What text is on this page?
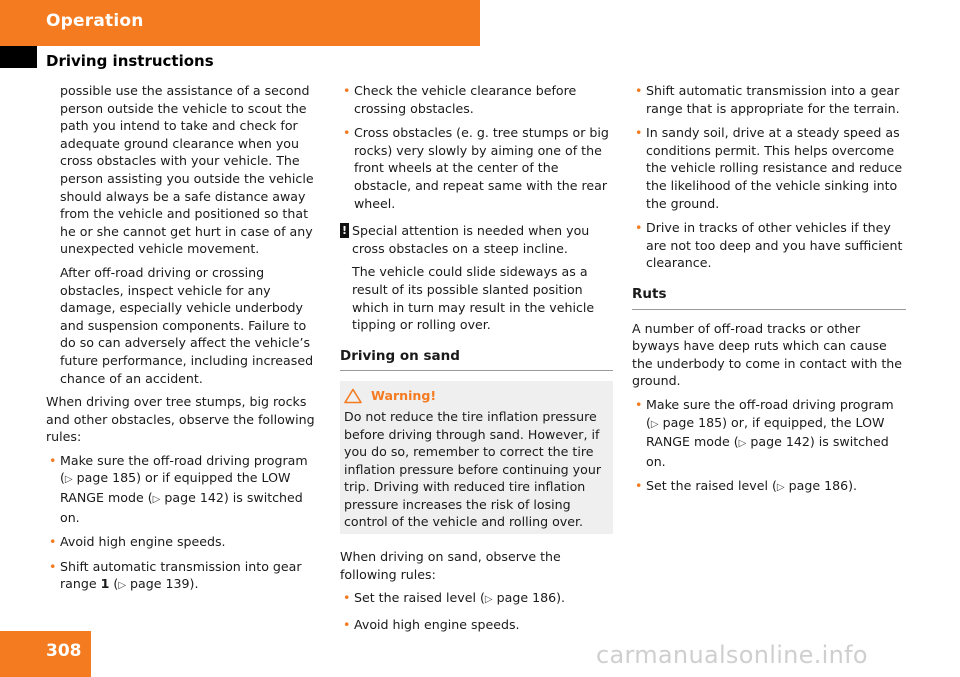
Operation
Driving instructions

possible use the assistance of a second person outside the vehicle to scout the path you intend to take and check for adequate ground clearance when you cross obstacles with your vehicle. The person assisting you outside the vehicle should always be a safe distance away from the vehicle and positioned so that he or she cannot get hurt in case of any unexpected vehicle movement.

After off-road driving or crossing obstacles, inspect vehicle for any damage, especially vehicle underbody and suspension components. Failure to do so can adversely affect the vehicle’s future performance, including increased chance of an accident.

When driving over tree stumps, big rocks and other obstacles, observe the following rules:

• Make sure the off-road driving program (▷ page 185) or if equipped the LOW RANGE mode (▷ page 142) is switched on.
• Avoid high engine speeds.
• Shift automatic transmission into gear range 1 (▷ page 139).
• Check the vehicle clearance before crossing obstacles.
• Cross obstacles (e. g. tree stumps or big rocks) very slowly by aiming one of the front wheels at the center of the obstacle, and repeat same with the rear wheel.
! Special attention is needed when you cross obstacles on a steep incline.

The vehicle could slide sideways as a result of its possible slanted position which in turn may result in the vehicle tipping or rolling over.

Driving on sand
Warning!
Do not reduce the tire inflation pressure before driving through sand. However, if you do so, remember to correct the tire inflation pressure before continuing your trip. Driving with reduced tire inflation pressure increases the risk of losing control of the vehicle and rolling over.

When driving on sand, observe the following rules:

• Set the raised level (▷ page 186).
• Avoid high engine speeds.
• Shift automatic transmission into a gear range that is appropriate for the terrain.
• In sandy soil, drive at a steady speed as conditions permit. This helps overcome the vehicle rolling resistance and reduce the likelihood of the vehicle sinking into the ground.
• Drive in tracks of other vehicles if they are not too deep and you have sufficient clearance.
Ruts

A number of off-road tracks or other byways have deep ruts which can cause the underbody to come in contact with the ground.

• Make sure the off-road driving program (▷ page 185) or, if equipped, the LOW RANGE mode (▷ page 142) is switched on.
• Set the raised level (▷ page 186).
308	carmanualsonline.info
